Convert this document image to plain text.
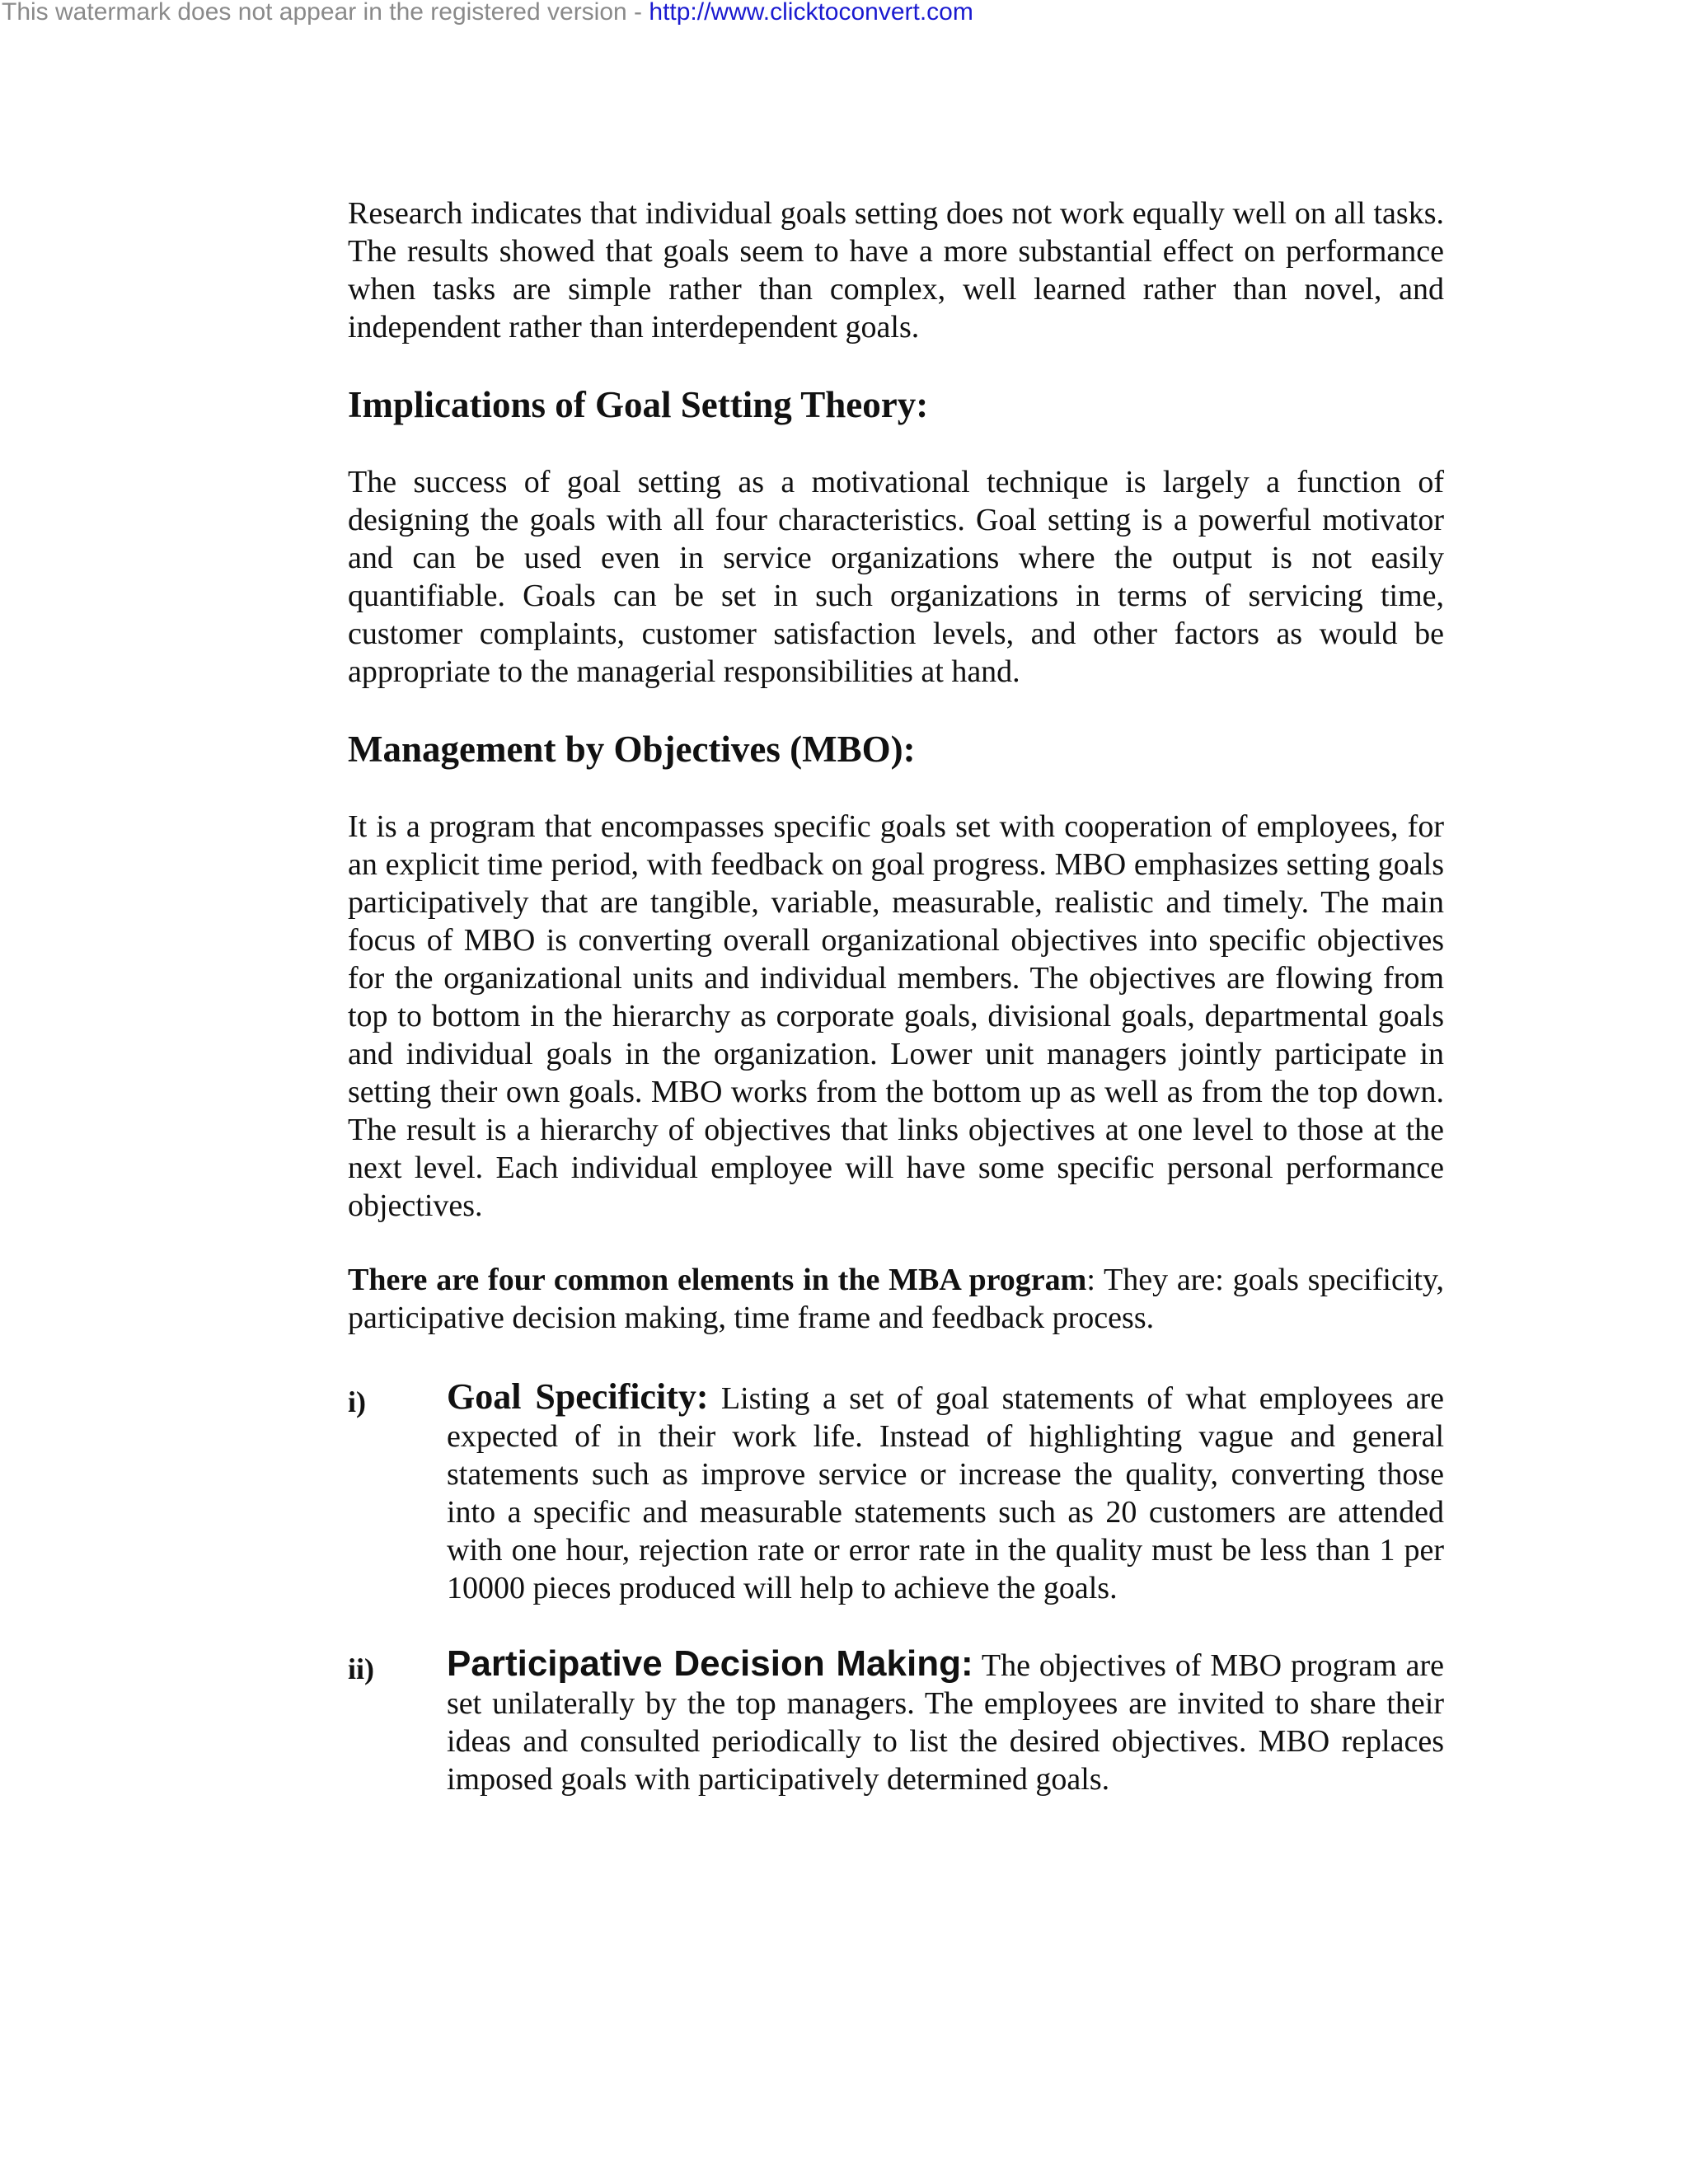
This watermark does not appear in the registered version - http://www.clicktoconvert.com

Research indicates that individual goals setting does not work equally well on all tasks. The results showed that goals seem to have a more substantial effect on performance when tasks are simple rather than complex, well learned rather than novel, and independent rather than interdependent goals.

Implications of Goal Setting Theory:

The success of goal setting as a motivational technique is largely a function of designing the goals with all four characteristics. Goal setting is a powerful motivator and can be used even in service organizations where the output is not easily quantifiable. Goals can be set in such organizations in terms of servicing time, customer complaints, customer satisfaction levels, and other factors as would be appropriate to the managerial responsibilities at hand.

Management by Objectives (MBO):

It is a program that encompasses specific goals set with cooperation of employees, for an explicit time period, with feedback on goal progress. MBO emphasizes setting goals participatively that are tangible, variable, measurable, realistic and timely. The main focus of MBO is converting overall organizational objectives into specific objectives for the organizational units and individual members. The objectives are flowing from top to bottom in the hierarchy as corporate goals, divisional goals, departmental goals and individual goals in the organization. Lower unit managers jointly participate in setting their own goals. MBO works from the bottom up as well as from the top down. The result is a hierarchy of objectives that links objectives at one level to those at the next level. Each individual employee will have some specific personal performance objectives.

There are four common elements in the MBA program: They are: goals specificity, participative decision making, time frame and feedback process.

i) Goal Specificity: Listing a set of goal statements of what employees are expected of in their work life. Instead of highlighting vague and general statements such as improve service or increase the quality, converting those into a specific and measurable statements such as 20 customers are attended with one hour, rejection rate or error rate in the quality must be less than 1 per 10000 pieces produced will help to achieve the goals.

ii) Participative Decision Making: The objectives of MBO program are set unilaterally by the top managers. The employees are invited to share their ideas and consulted periodically to list the desired objectives. MBO replaces imposed goals with participatively determined goals.
